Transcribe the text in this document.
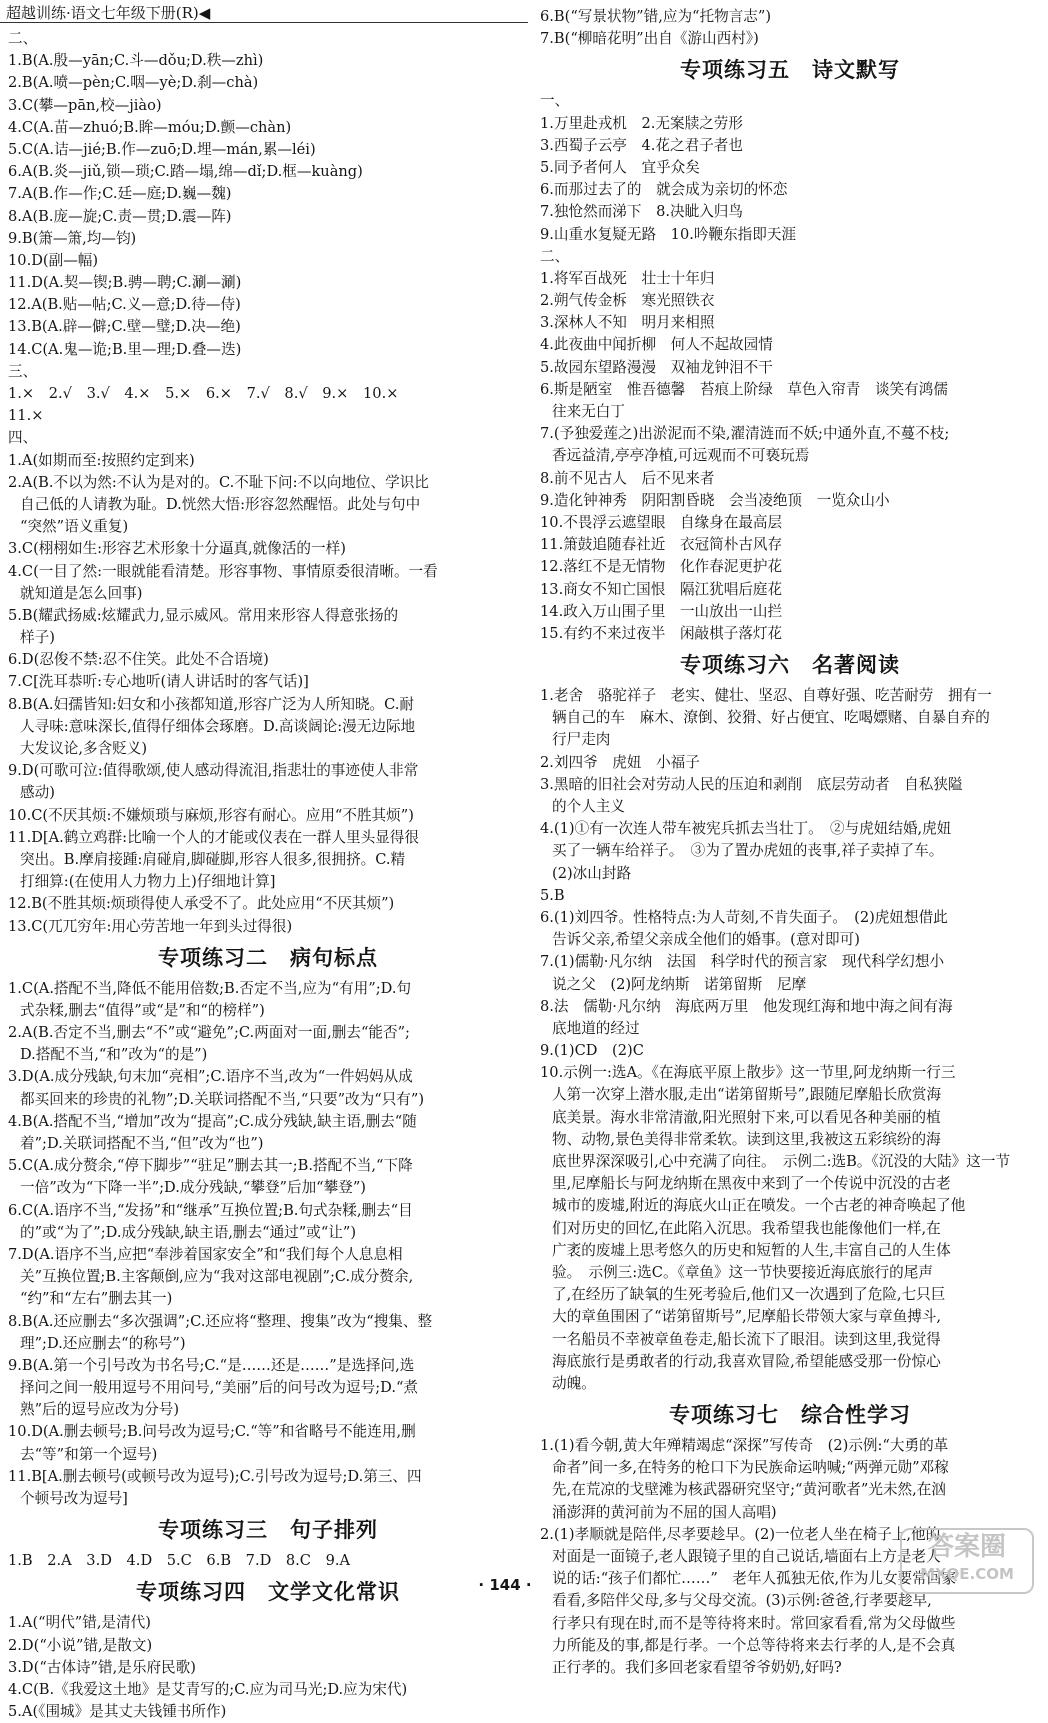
超越训练·语文七年级下册(R)◀
二、
1.B(A.殷—yān;C.斗—dǒu;D.秩—zhì)
2.B(A.喷—pèn;C.咽—yè;D.刹—chà)
3.C(攀—pān,校—jiào)
4.C(A.苗—zhuó;B.眸—móu;D.颤—chàn)
5.C(A.诘—jié;B.作—zuō;D.埋—mán,累—léi)
6.A(B.炎—jiǔ,锁—琐;C.踏—塌,绵—dǐ;D.框—kuàng)
7.A(B.作—作;C.廷—庭;D.巍—魏)
8.A(B.庞—旋;C.责—贯;D.震—阵)
9.B(箫—箫,均—钧)
10.D(副—幅)
11.D(A.契—锲;B.骋—聘;C.涮—涮)
12.A(B.贴—帖;C.义—意;D.待—侍)
13.B(A.辟—僻;C.壁—璧;D.决—绝)
14.C(A.鬼—诡;B.里—理;D.叠—迭)
三、
1.×　2.√　3.√　4.×　5.×　6.×　7.√　8.√　9.×　10.×
11.×
四、
1.A(如期而至:按照约定到来)
2.A(B.不以为然:不认为是对的。C.不耻下问:不以向地位、学识比
自己低的人请教为耻。D.恍然大悟:形容忽然醒悟。此处与句中
“突然”语义重复)
3.C(栩栩如生:形容艺术形象十分逼真,就像活的一样)
4.C(一目了然:一眼就能看清楚。形容事物、事情原委很清晰。一看
就知道是怎么回事)
5.B(耀武扬威:炫耀武力,显示威风。常用来形容人得意张扬的
样子)
6.D(忍俊不禁:忍不住笑。此处不合语境)
7.C[洗耳恭听:专心地听(请人讲话时的客气话)]
8.B(A.妇孺皆知:妇女和小孩都知道,形容广泛为人所知晓。C.耐
人寻味:意味深长,值得仔细体会琢磨。D.高谈阔论:漫无边际地
大发议论,多含贬义)
9.D(可歌可泣:值得歌颂,使人感动得流泪,指悲壮的事迹使人非常
感动)
10.C(不厌其烦:不嫌烦琐与麻烦,形容有耐心。应用“不胜其烦”)
11.D[A.鹤立鸡群:比喻一个人的才能或仪表在一群人里头显得很
突出。B.摩肩接踵:肩碰肩,脚碰脚,形容人很多,很拥挤。C.精
打细算:(在使用人力物力上)仔细地计算]
12.B(不胜其烦:烦琐得使人承受不了。此处应用“不厌其烦”)
13.C(兀兀穷年:用心劳苦地一年到头过得很)
专项练习二　病句标点
1.C(A.搭配不当,降低不能用倍数;B.否定不当,应为“有用”;D.句
式杂糅,删去“值得”或“是”和“的榜样”)
2.A(B.否定不当,删去“不”或“避免”;C.两面对一面,删去“能否”;
D.搭配不当,“和”改为“的是”)
3.D(A.成分残缺,句末加“亮相”;C.语序不当,改为“一件妈妈从成
都买回来的珍贵的礼物”;D.关联词搭配不当,“只要”改为“只有”)
4.B(A.搭配不当,“增加”改为“提高”;C.成分残缺,缺主语,删去“随
着”;D.关联词搭配不当,“但”改为“也”)
5.C(A.成分赘余,“停下脚步”“驻足”删去其一;B.搭配不当,“下降
一倍”改为“下降一半”;D.成分残缺,“攀登”后加“攀登”)
6.C(A.语序不当,“发扬”和“继承”互换位置;B.句式杂糅,删去“目
的”或“为了”;D.成分残缺,缺主语,删去“通过”或“让”)
7.D(A.语序不当,应把“奉涉着国家安全”和“我们每个人息息相
关”互换位置;B.主客颠倒,应为“我对这部电视剧”;C.成分赘余,
“约”和“左右”删去其一)
8.B(A.还应删去“多次强调”;C.还应将“整理、搜集”改为“搜集、整
理”;D.还应删去“的称号”)
9.B(A.第一个引号改为书名号;C.“是……还是……”是选择问,选
择问之间一般用逗号不用问号,“美丽”后的问号改为逗号;D.“煮
熟”后的逗号应改为分号)
10.D(A.删去顿号;B.问号改为逗号;C.“等”和省略号不能连用,删
去“等”和第一个逗号)
11.B[A.删去顿号(或顿号改为逗号);C.引号改为逗号;D.第三、四
个顿号改为逗号]
专项练习三　句子排列
1.B　2.A　3.D　4.D　5.C　6.B　7.D　8.C　9.A
专项练习四　文学文化常识
1.A(“明代”错,是清代)
2.D(“小说”错,是散文)
3.D(“古体诗”错,是乐府民歌)
4.C(B.《我爱这土地》是艾青写的;C.应为司马光;D.应为宋代)
5.A(《围城》是其丈夫钱锺书所作)
6.B(“写景状物”错,应为“托物言志”)
7.B(“柳暗花明”出自《游山西村》)
专项练习五　诗文默写
一、
1.万里赴戎机　2.无案牍之劳形
3.西蜀子云亭　4.花之君子者也
5.同予者何人　宜乎众矣
6.而那过去了的　就会成为亲切的怀恋
7.独怆然而涕下　8.决眦入归鸟
9.山重水复疑无路　10.吟鞭东指即天涯
二、
1.将军百战死　壮士十年归
2.朔气传金柝　寒光照铁衣
3.深林人不知　明月来相照
4.此夜曲中闻折柳　何人不起故园情
5.故园东望路漫漫　双袖龙钟泪不干
6.斯是陋室　惟吾德馨　苔痕上阶绿　草色入帘青　谈笑有鸿儒
往来无白丁
7.(予独爱莲之)出淤泥而不染,濯清涟而不妖;中通外直,不蔓不枝;
香远益清,亭亭净植,可远观而不可亵玩焉
8.前不见古人　后不见来者
9.造化钟神秀　阴阳割昏晓　会当凌绝顶　一览众山小
10.不畏浮云遮望眼　自缘身在最高层
11.箫鼓追随春社近　衣冠简朴古风存
12.落红不是无情物　化作春泥更护花
13.商女不知亡国恨　隔江犹唱后庭花
14.政入万山围子里　一山放出一山拦
15.有约不来过夜半　闲敲棋子落灯花
专项练习六　名著阅读
1.老舍　骆驼祥子　老实、健壮、坚忍、自尊好强、吃苦耐劳　拥有一
辆自己的车　麻木、潦倒、狡猾、好占便宜、吃喝嫖赌、自暴自弃的
行尸走肉
2.刘四爷　虎妞　小福子
3.黑暗的旧社会对劳动人民的压迫和剥削　底层劳动者　自私狭隘
的个人主义
4.(1)①有一次连人带车被宪兵抓去当壮丁。　②与虎妞结婚,虎妞
买了一辆车给祥子。　③为了置办虎妞的丧事,祥子卖掉了车。
(2)冰山封路
5.B
6.(1)刘四爷。性格特点:为人苛刻,不肯失面子。　(2)虎妞想借此
告诉父亲,希望父亲成全他们的婚事。(意对即可)
7.(1)儒勒·凡尔纳　法国　科学时代的预言家　现代科学幻想小
说之父　(2)阿龙纳斯　诺第留斯　尼摩
8.法　儒勒·凡尔纳　海底两万里　他发现红海和地中海之间有海
底地道的经过
9.(1)CD　(2)C
10.示例一:选A。《在海底平原上散步》这一节里,阿龙纳斯一行三
人第一次穿上潜水服,走出“诺第留斯号”,跟随尼摩船长欣赏海
底美景。海水非常清澈,阳光照射下来,可以看见各种美丽的植
物、动物,景色美得非常柔软。读到这里,我被这五彩缤纷的海
底世界深深吸引,心中充满了向往。　示例二:选B。《沉没的大陆》这一节
里,尼摩船长与阿龙纳斯在黑夜中来到了一个传说中沉没的古老
城市的废墟,附近的海底火山正在喷发。一个古老的神奇唤起了他
们对历史的回忆,在此陷入沉思。我希望我也能像他们一样,在
广袤的废墟上思考悠久的历史和短暂的人生,丰富自己的人生体
验。　示例三:选C。《章鱼》这一节快要接近海底旅行的尾声
了,在经历了缺氧的生死考验后,他们又一次遇到了危险,七只巨
大的章鱼围困了“诺第留斯号”,尼摩船长带领大家与章鱼搏斗,
一名船员不幸被章鱼卷走,船长流下了眼泪。读到这里,我觉得
海底旅行是勇敢者的行动,我喜欢冒险,希望能感受那一份惊心
动魄。
专项练习七　综合性学习
1.(1)看今朝,黄大年殚精竭虑“深探”写传奇　(2)示例:“大勇的革
命者”间一多,在特务的枪口下为民族命运呐喊;“两弹元勋”邓稼
先,在荒凉的戈壁滩为核武器研究坚守;“黄河歌者”光未然,在汹
涌澎湃的黄河前为不屈的国人高唱)
2.(1)孝顺就是陪伴,尽孝要趁早。(2)一位老人坐在椅子上,他的
对面是一面镜子,老人跟镜子里的自己说话,墙面右上方是老人
说的话:“孩子们都忙……”　老年人孤独无依,作为儿女要常回家
看看,多陪伴父母,多与父母交流。(3)示例:爸爸,行孝要趁早,
行孝只有现在时,而不是等待将来时。常回家看看,常为父母做些
力所能及的事,都是行孝。一个总等待将来去行孝的人,是不会真
正行孝的。我们多回老家看望爷爷奶奶,好吗?
· 144 ·
答案圈
MXQE.COM
